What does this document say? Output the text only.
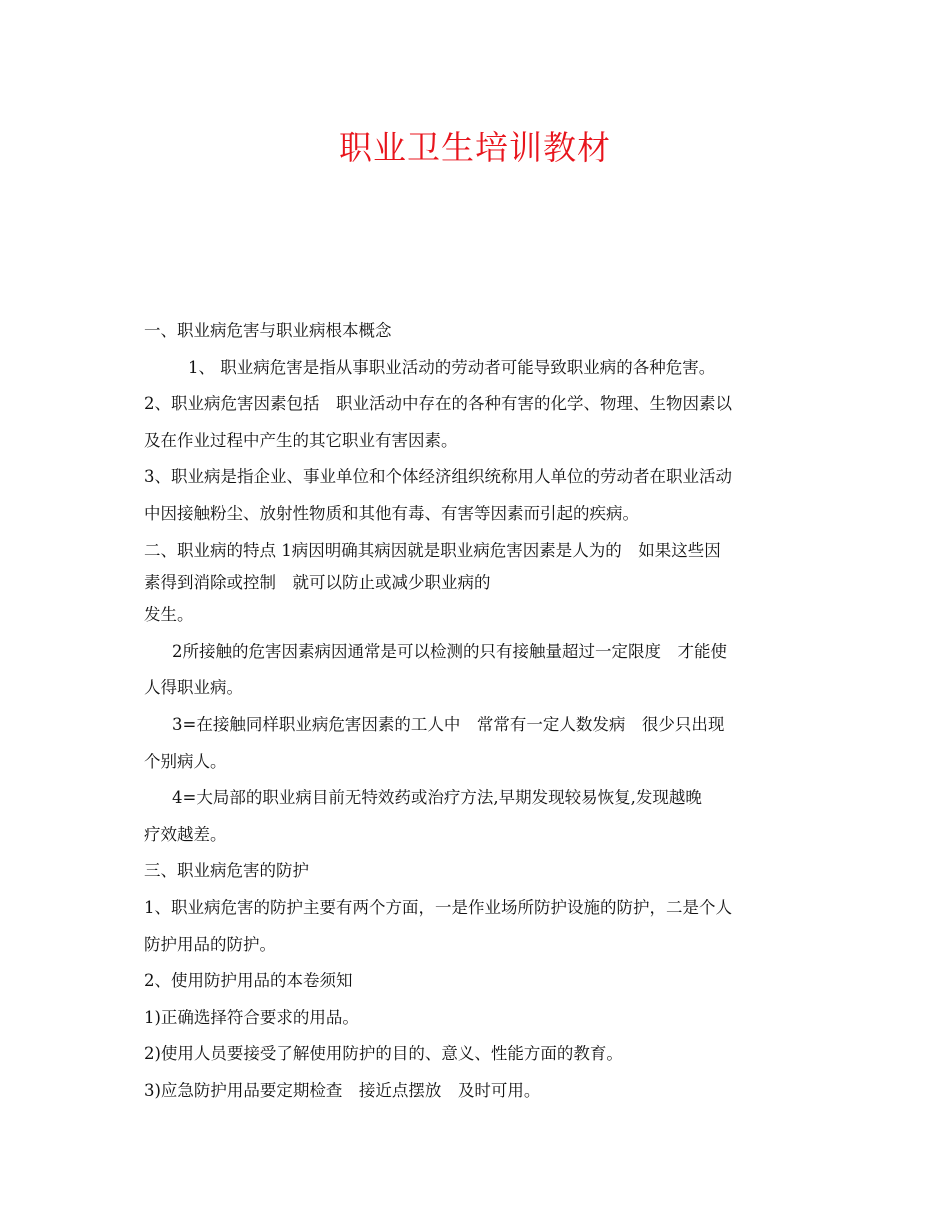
职业卫生培训教材
一、职业病危害与职业病根本概念
1、 职业病危害是指从事职业活动的劳动者可能导致职业病的各种危害。
2、职业病危害因素包括　职业活动中存在的各种有害的化学、物理、生物因素以
及在作业过程中产生的其它职业有害因素。
3、职业病是指企业、事业单位和个体经济组织统称用人单位的劳动者在职业活动
中因接触粉尘、放射性物质和其他有毒、有害等因素而引起的疾病。
二、职业病的特点 1病因明确其病因就是职业病危害因素是人为的　如果这些因
素得到消除或控制　就可以防止或减少职业病的
发生。
2所接触的危害因素病因通常是可以检测的只有接触量超过一定限度　才能使
人得职业病。
3=在接触同样职业病危害因素的工人中　常常有一定人数发病　很少只出现
个别病人。
4=大局部的职业病目前无特效药或治疗方法,早期发现较易恢复,发现越晚
疗效越差。
三、职业病危害的防护
1、职业病危害的防护主要有两个方面，一是作业场所防护设施的防护，二是个人
防护用品的防护。
2、使用防护用品的本卷须知
1)正确选择符合要求的用品。
2)使用人员要接受了解使用防护的目的、意义、性能方面的教育。
3)应急防护用品要定期检查　接近点摆放　及时可用。
